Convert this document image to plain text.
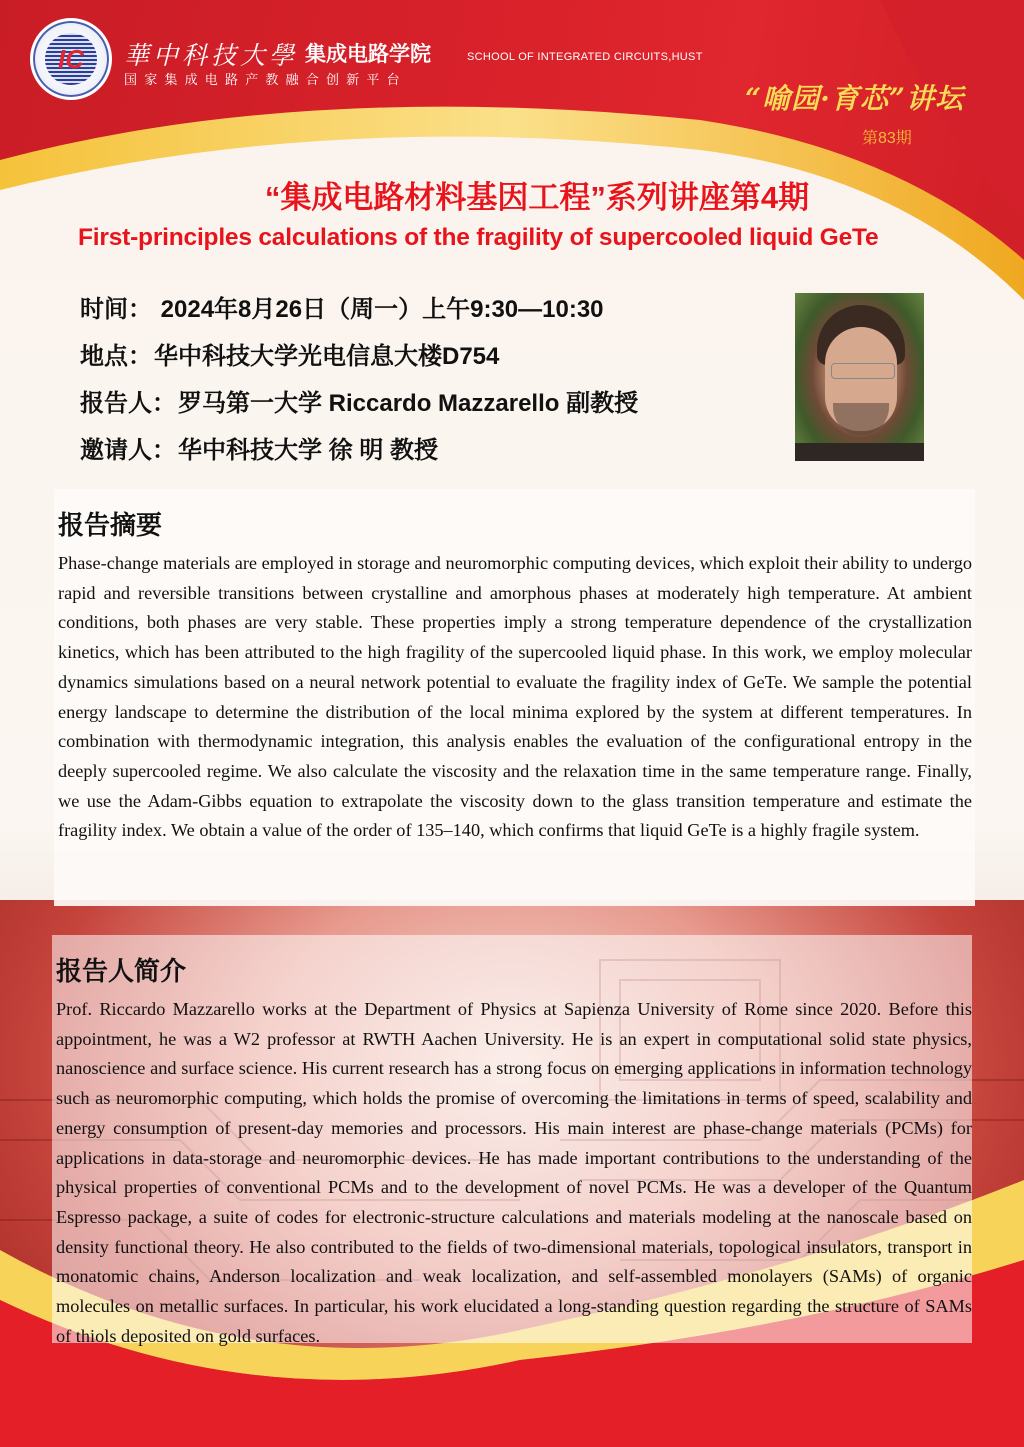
IC	華中科技大學 集成电路学院	SCHOOL OF INTEGRATED CIRCUITS,HUST
国家集成电路产教融合创新平台
“喻园·育芯”讲坛
第83期
“集成电路材料基因工程”系列讲座第4期
First-principles calculations of the fragility of supercooled liquid GeTe
时间： 2024年8月26日（周一）上午9:30—10:30
地点：华中科技大学光电信息大楼D754
报告人：罗马第一大学 Riccardo Mazzarello 副教授
邀请人：华中科技大学 徐 明 教授
报告摘要
Phase-change materials are employed in storage and neuromorphic computing devices, which exploit their ability to undergo rapid and reversible transitions between crystalline and amorphous phases at moderately high temperature. At ambient conditions, both phases are very stable. These properties imply a strong temperature dependence of the crystallization kinetics, which has been attributed to the high fragility of the supercooled liquid phase. In this work, we employ molecular dynamics simulations based on a neural network potential to evaluate the fragility index of GeTe. We sample the potential energy landscape to determine the distribution of the local minima explored by the system at different temperatures. In combination with thermodynamic integration, this analysis enables the evaluation of the configurational entropy in the deeply supercooled regime. We also calculate the viscosity and the relaxation time in the same temperature range. Finally, we use the Adam-Gibbs equation to extrapolate the viscosity down to the glass transition temperature and estimate the fragility index. We obtain a value of the order of 135–140, which confirms that liquid GeTe is a highly fragile system.
报告人简介
Prof. Riccardo Mazzarello works at the Department of Physics at Sapienza University of Rome since 2020. Before this appointment, he was a W2 professor at RWTH Aachen University. He is an expert in computational solid state physics, nanoscience and surface science. His current research has a strong focus on emerging applications in information technology such as neuromorphic computing, which holds the promise of overcoming the limitations in terms of speed, scalability and energy consumption of present-day memories and processors. His main interest are phase-change materials (PCMs) for applications in data-storage and neuromorphic devices. He has made important contributions to the understanding of the physical properties of conventional PCMs and to the development of novel PCMs. He was a developer of the Quantum Espresso package, a suite of codes for electronic-structure calculations and materials modeling at the nanoscale based on density functional theory. He also contributed to the fields of two-dimensional materials, topological insulators, transport in monatomic chains, Anderson localization and weak localization, and self-assembled monolayers (SAMs) of organic molecules on metallic surfaces. In particular, his work elucidated a long-standing question regarding the structure of SAMs of thiols deposited on gold surfaces.
